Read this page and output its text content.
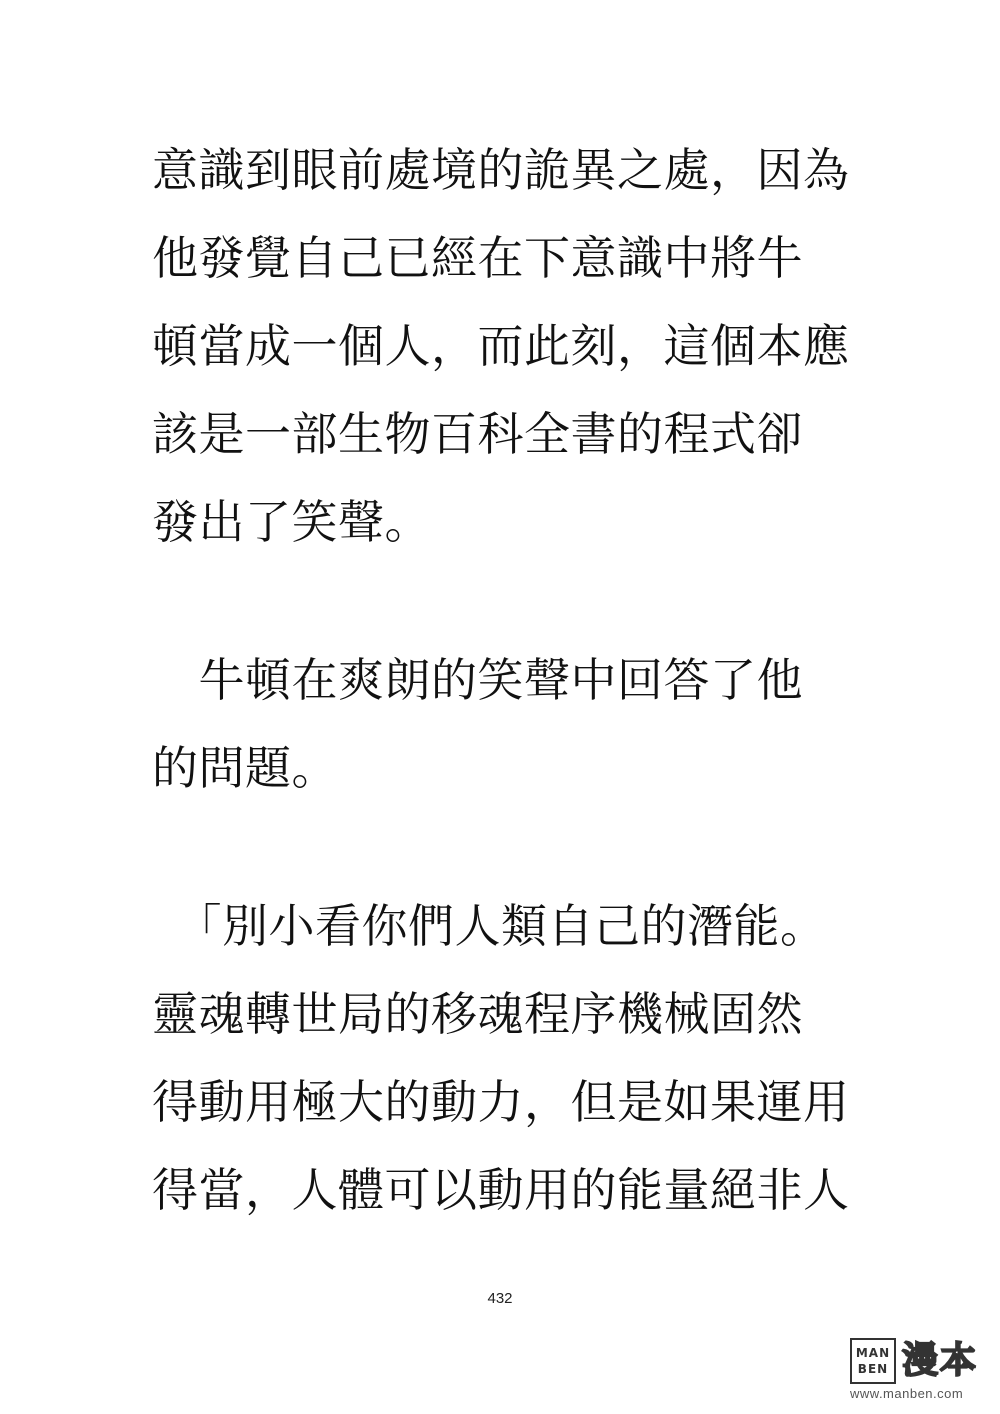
意識到眼前處境的詭異之處，因為
他發覺自己已經在下意識中將牛
頓當成一個人，而此刻，這個本應
該是一部生物百科全書的程式卻
發出了笑聲。
　牛頓在爽朗的笑聲中回答了他
的問題。
　「別小看你們人類自己的潛能。
靈魂轉世局的移魂程序機械固然
得動用極大的動力，但是如果運用
得當，人體可以動用的能量絕非人
432
MAN
BEN 漫本
www.manben.com
